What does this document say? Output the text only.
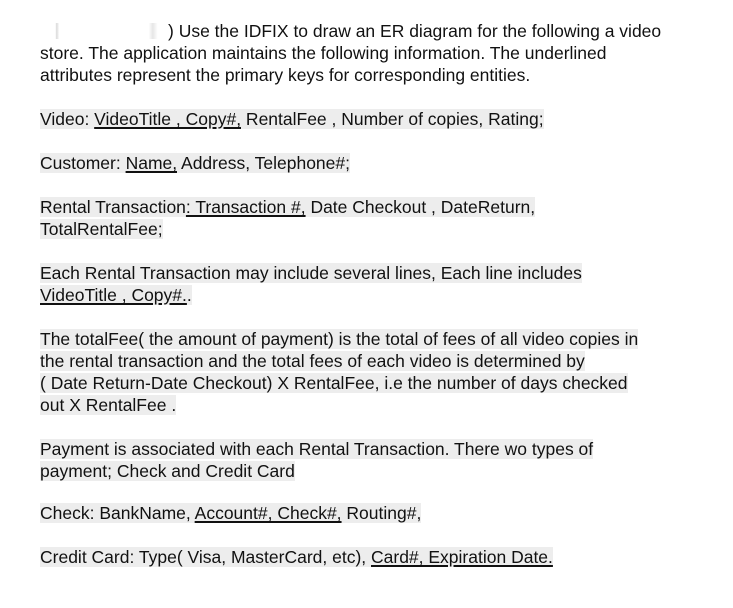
) Use the IDFIX to draw an ER diagram for the following a video
store. The application maintains the following information. The underlined
attributes represent the primary keys for corresponding entities.
Video: VideoTitle , Copy#, RentalFee , Number of copies, Rating;
Customer: Name, Address, Telephone#;
Rental Transaction: Transaction #, Date Checkout , DateReturn,
TotalRentalFee;
Each Rental Transaction may include several lines, Each line includes
VideoTitle , Copy#..
The totalFee( the amount of payment) is the total of fees of all video copies in
the rental transaction and the total fees of each video is determined by
( Date Return-Date Checkout) X RentalFee, i.e the number of days checked
out X RentalFee .
Payment is associated with each Rental Transaction. There wo types of
payment; Check and Credit Card
Check: BankName, Account#, Check#, Routing#,
Credit Card: Type( Visa, MasterCard, etc), Card#, Expiration Date.
